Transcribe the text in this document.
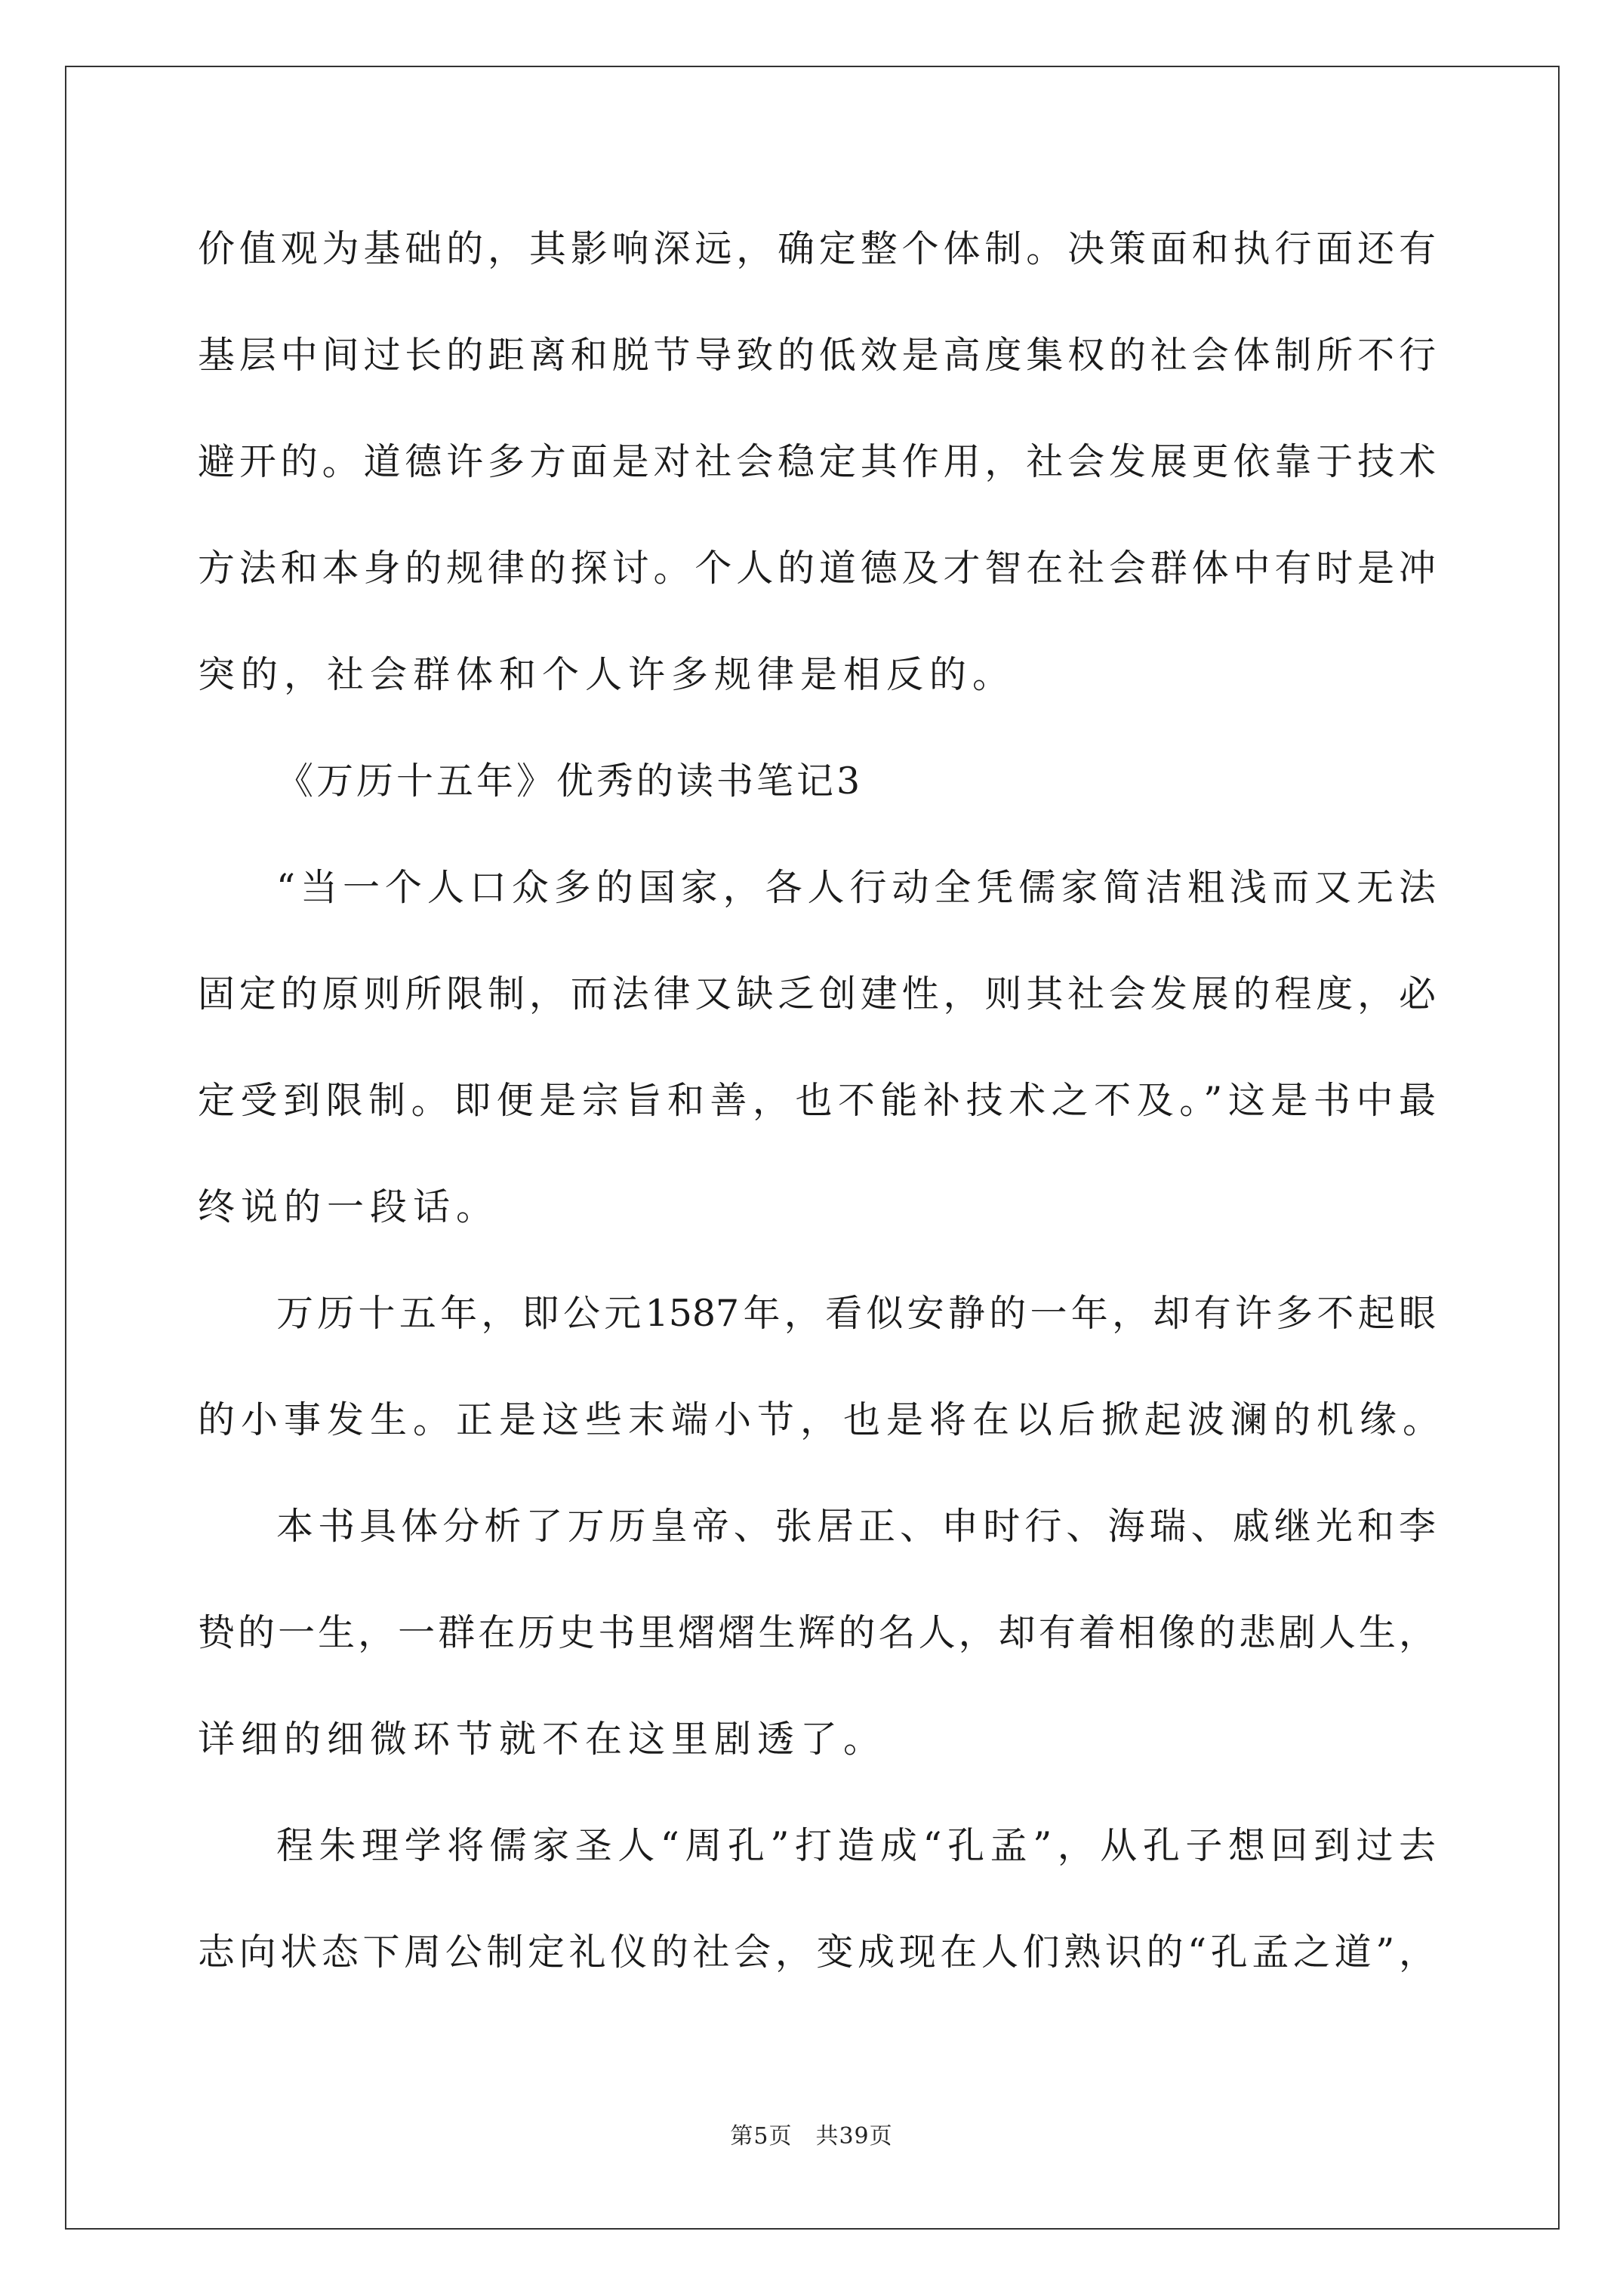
价值观为基础的，其影响深远，确定整个体制。决策面和执行面还有
基层中间过长的距离和脱节导致的低效是高度集权的社会体制所不行
避开的。道德许多方面是对社会稳定其作用，社会发展更依靠于技术
方法和本身的规律的探讨。个人的道德及才智在社会群体中有时是冲
突的，社会群体和个人许多规律是相反的。
《万历十五年》优秀的读书笔记3
“当一个人口众多的国家，各人行动全凭儒家简洁粗浅而又无法
固定的原则所限制，而法律又缺乏创建性，则其社会发展的程度，必
定受到限制。即便是宗旨和善，也不能补技术之不及。”这是书中最
终说的一段话。
万历十五年，即公元1587年，看似安静的一年，却有许多不起眼
的小事发生。正是这些末端小节，也是将在以后掀起波澜的机缘。
本书具体分析了万历皇帝、张居正、申时行、海瑞、戚继光和李
贽的一生，一群在历史书里熠熠生辉的名人，却有着相像的悲剧人生，
详细的细微环节就不在这里剧透了。
程朱理学将儒家圣人“周孔”打造成“孔孟”，从孔子想回到过去
志向状态下周公制定礼仪的社会，变成现在人们熟识的“孔孟之道”，
第5页　共39页
